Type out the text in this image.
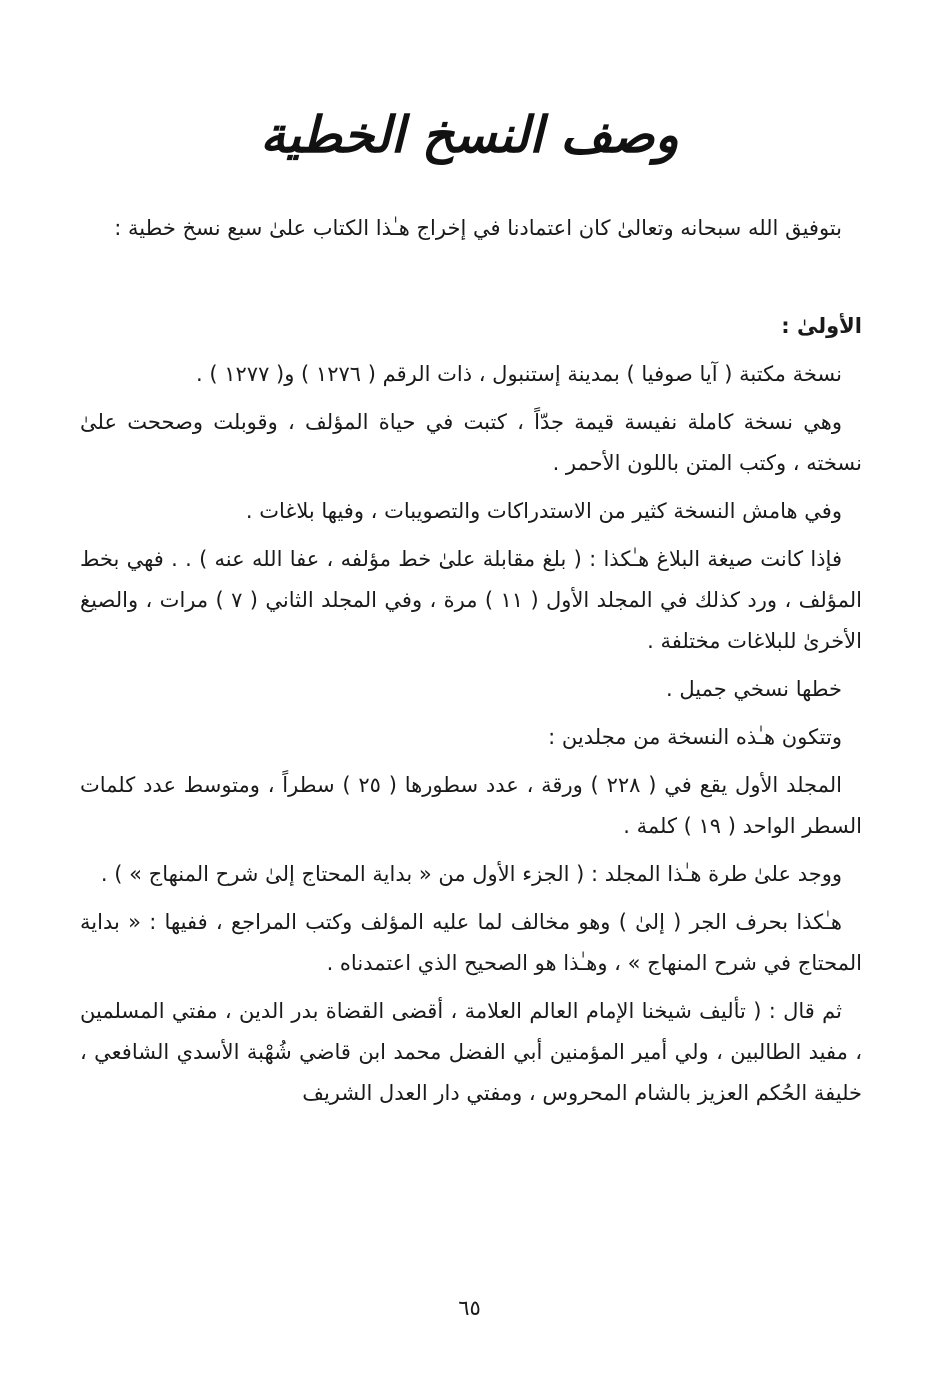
وصف النسخ الخطية

بتوفيق الله سبحانه وتعالىٰ كان اعتمادنا في إخراج هـٰذا الكتاب علىٰ سبع نسخ خطية :

الأولىٰ :

نسخة مكتبة ( آيا صوفيا ) بمدينة إستنبول ، ذات الرقم ( ١٢٧٦ ) و( ١٢٧٧ ) .

وهي نسخة كاملة نفيسة قيمة جدّاً ، كتبت في حياة المؤلف ، وقوبلت وصححت علىٰ نسخته ، وكتب المتن باللون الأحمر .

وفي هامش النسخة كثير من الاستدراكات والتصويبات ، وفيها بلاغات .

فإذا كانت صيغة البلاغ هـٰكذا : ( بلغ مقابلة علىٰ خط مؤلفه ، عفا الله عنه ) . . فهي بخط المؤلف ، ورد كذلك في المجلد الأول ( ١١ ) مرة ، وفي المجلد الثاني ( ٧ ) مرات ، والصيغ الأخرىٰ للبلاغات مختلفة .

خطها نسخي جميل .

وتتكون هـٰذه النسخة من مجلدين :

المجلد الأول يقع في ( ٢٢٨ ) ورقة ، عدد سطورها ( ٢٥ ) سطراً ، ومتوسط عدد كلمات السطر الواحد ( ١٩ ) كلمة .

ووجد علىٰ طرة هـٰذا المجلد : ( الجزء الأول من « بداية المحتاج إلىٰ شرح المنهاج » ) .

هـٰكذا بحرف الجر ( إلىٰ ) وهو مخالف لما عليه المؤلف وكتب المراجع ، ففيها : « بداية المحتاج في شرح المنهاج » ، وهـٰذا هو الصحيح الذي اعتمدناه .

ثم قال : ( تأليف شيخنا الإمام العالم العلامة ، أقضى القضاة بدر الدين ، مفتي المسلمين ، مفيد الطالبين ، ولي أمير المؤمنين أبي الفضل محمد ابن قاضي شُهْبة الأسدي الشافعي ، خليفة الحُكم العزيز بالشام المحروس ، ومفتي دار العدل الشريف

٦٥
